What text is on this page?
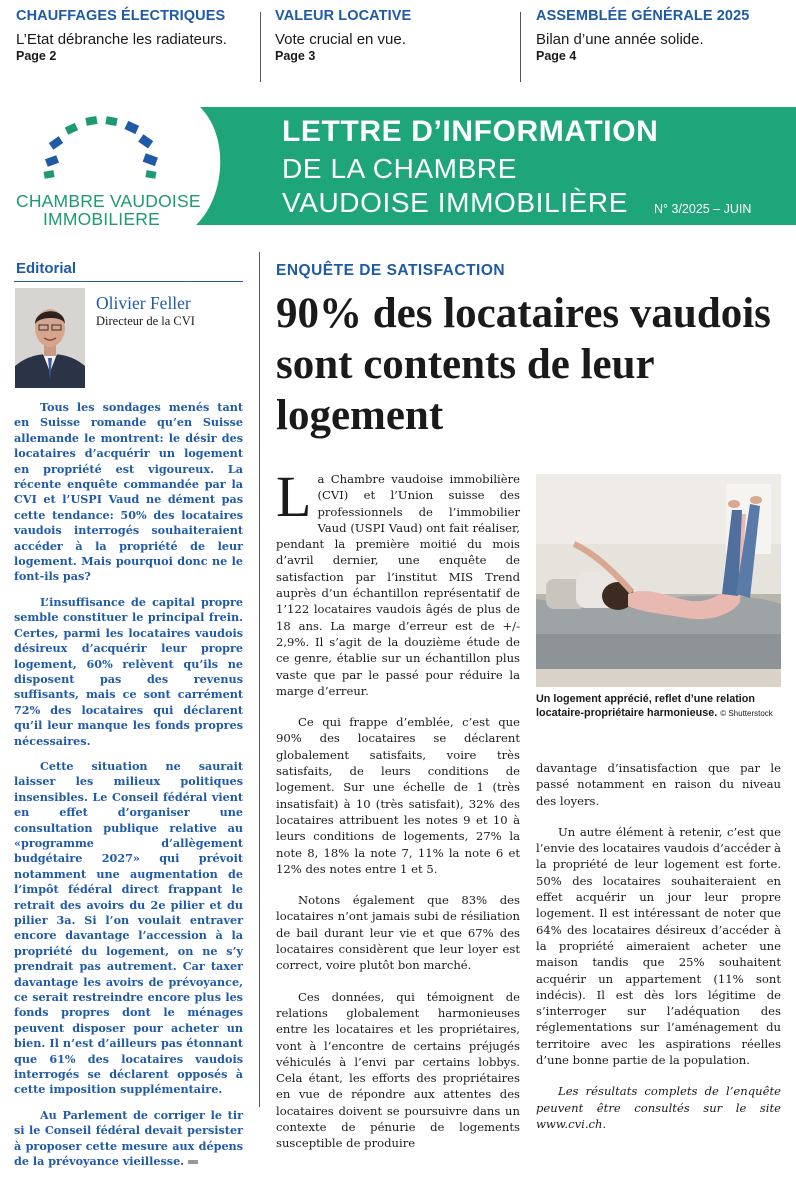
CHAUFFAGES ÉLECTRIQUES
L’Etat débranche les radiateurs.
Page 2
VALEUR LOCATIVE
Vote crucial en vue.
Page 3
ASSEMBLÉE GÉNÉRALE 2025
Bilan d’une année solide.
Page 4
CHAMBRE VAUDOISE
IMMOBILIERE
LETTRE D’INFORMATION
DE LA CHAMBRE
VAUDOISE IMMOBILIÈRE N° 3/2025 – JUIN
Editorial
Olivier Feller
Directeur de la CVI

Tous les sondages menés tant en Suisse romande qu’en Suisse allemande le montrent: le désir des locataires d’acquérir un logement en propriété est vigoureux. La récente enquête commandée par la CVI et l’USPI Vaud ne dément pas cette tendance: 50% des locataires vaudois interrogés souhaiteraient accéder à la propriété de leur logement. Mais pourquoi donc ne le font-ils pas?

L’insuffisance de capital propre semble constituer le principal frein. Certes, parmi les locataires vaudois désireux d’acquérir leur propre logement, 60% relèvent qu’ils ne disposent pas des revenus suffisants, mais ce sont carrément 72% des locataires qui déclarent qu’il leur manque les fonds propres nécessaires.

Cette situation ne saurait laisser les milieux politiques insensibles. Le Conseil fédéral vient en effet d’organiser une consultation publique relative au «programme d’allègement budgétaire 2027» qui prévoit notamment une augmentation de l’impôt fédéral direct frappant le retrait des avoirs du 2e pilier et du pilier 3a. Si l’on voulait entraver encore davantage l’accession à la propriété du logement, on ne s’y prendrait pas autrement. Car taxer davantage les avoirs de prévoyance, ce serait restreindre encore plus les fonds propres dont le ménages peuvent disposer pour acheter un bien. Il n’est d’ailleurs pas étonnant que 61% des locataires vaudois interrogés se déclarent opposés à cette imposition supplémentaire.

Au Parlement de corriger le tir si le Conseil fédéral devait persister à proposer cette mesure aux dépens de la prévoyance vieillesse.

ENQUÊTE DE SATISFACTION
90% des locataires vaudois sont contents de leur logement

La Chambre vaudoise immobilière (CVI) et l’Union suisse des professionnels de l’immobilier Vaud (USPI Vaud) ont fait réaliser, pendant la première moitié du mois d’avril dernier, une enquête de satisfaction par l’institut MIS Trend auprès d’un échantillon représentatif de 1’122 locataires vaudois âgés de plus de 18 ans. La marge d’erreur est de +/- 2,9%. Il s’agit de la douzième étude de ce genre, établie sur un échantillon plus vaste que par le passé pour réduire la marge d’erreur.

Ce qui frappe d’emblée, c’est que 90% des locataires se déclarent globalement satisfaits, voire très satisfaits, de leurs conditions de logement. Sur une échelle de 1 (très insatisfait) à 10 (très satisfait), 32% des locataires attribuent les notes 9 et 10 à leurs conditions de logements, 27% la note 8, 18% la note 7, 11% la note 6 et 12% des notes entre 1 et 5.

Notons également que 83% des locataires n’ont jamais subi de résiliation de bail durant leur vie et que 67% des locataires considèrent que leur loyer est correct, voire plutôt bon marché.

Ces données, qui témoignent de relations globalement harmonieuses entre les locataires et les propriétaires, vont à l’encontre de certains préjugés véhiculés à l’envi par certains lobbys. Cela étant, les efforts des propriétaires en vue de répondre aux attentes des locataires doivent se poursuivre dans un contexte de pénurie de logements susceptible de produire

Un logement apprécié, reflet d’une relation locataire-propriétaire harmonieuse. © Shutterstock

davantage d’insatisfaction que par le passé notamment en raison du niveau des loyers.

Un autre élément à retenir, c’est que l’envie des locataires vaudois d’accéder à la propriété de leur logement est forte. 50% des locataires souhaiteraient en effet acquérir un jour leur propre logement. Il est intéressant de noter que 64% des locataires désireux d’accéder à la propriété aimeraient acheter une maison tandis que 25% souhaitent acquérir un appartement (11% sont indécis). Il est dès lors légitime de s’interroger sur l’adéquation des réglementations sur l’aménagement du territoire avec les aspirations réelles d’une bonne partie de la population.

Les résultats complets de l’enquête peuvent être consultés sur le site www.cvi.ch.
